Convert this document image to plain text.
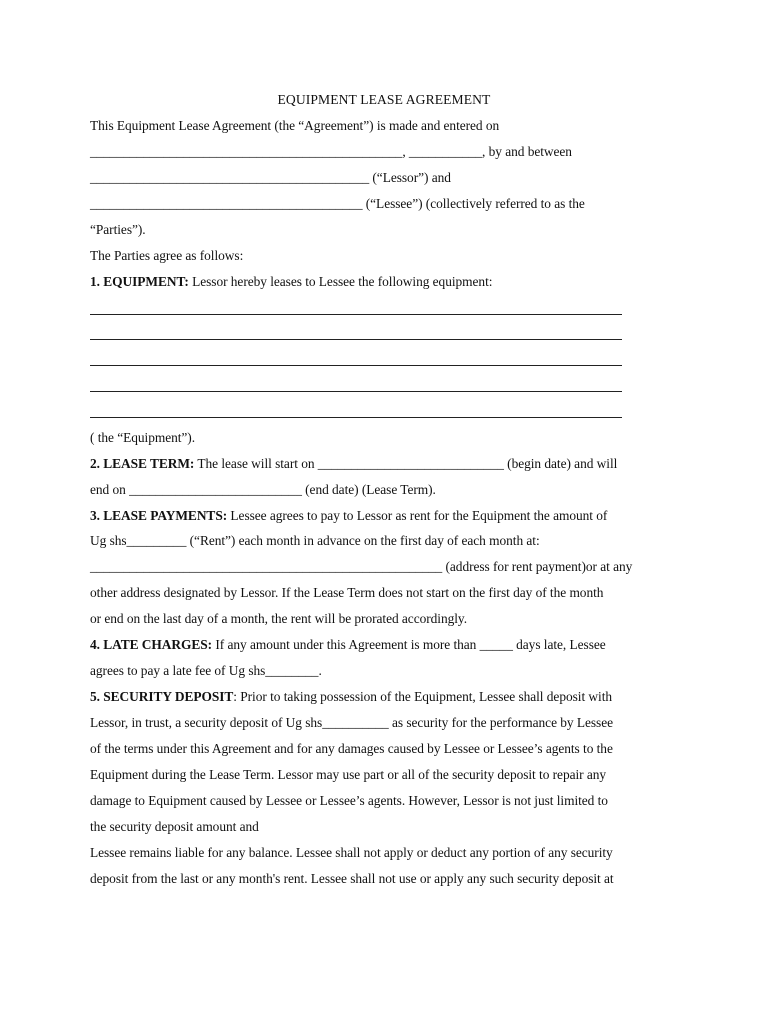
EQUIPMENT LEASE AGREEMENT
This Equipment Lease Agreement (the “Agreement”) is made and entered on
_______________________________________________, ___________, by and between
__________________________________________ (“Lessor”) and
_________________________________________ (“Lessee”) (collectively referred to as the
“Parties”).
The Parties agree as follows:
1. EQUIPMENT: Lessor hereby leases to Lessee the following equipment:
( the “Equipment”).
2. LEASE TERM: The lease will start on ____________________________ (begin date) and will
end on __________________________ (end date) (Lease Term).
3. LEASE PAYMENTS: Lessee agrees to pay to Lessor as rent for the Equipment the amount of
Ug shs_________ (“Rent”) each month in advance on the first day of each month at:
_____________________________________________________ (address for rent payment)or at any
other address designated by Lessor. If the Lease Term does not start on the first day of the month
or end on the last day of a month, the rent will be prorated accordingly.
4. LATE CHARGES: If any amount under this Agreement is more than _____ days late, Lessee
agrees to pay a late fee of Ug shs________.
5. SECURITY DEPOSIT: Prior to taking possession of the Equipment, Lessee shall deposit with
Lessor, in trust, a security deposit of Ug shs__________ as security for the performance by Lessee
of the terms under this Agreement and for any damages caused by Lessee or Lessee’s agents to the
Equipment during the Lease Term. Lessor may use part or all of the security deposit to repair any
damage to Equipment caused by Lessee or Lessee’s agents. However, Lessor is not just limited to
the security deposit amount and
Lessee remains liable for any balance. Lessee shall not apply or deduct any portion of any security
deposit from the last or any month's rent. Lessee shall not use or apply any such security deposit at
